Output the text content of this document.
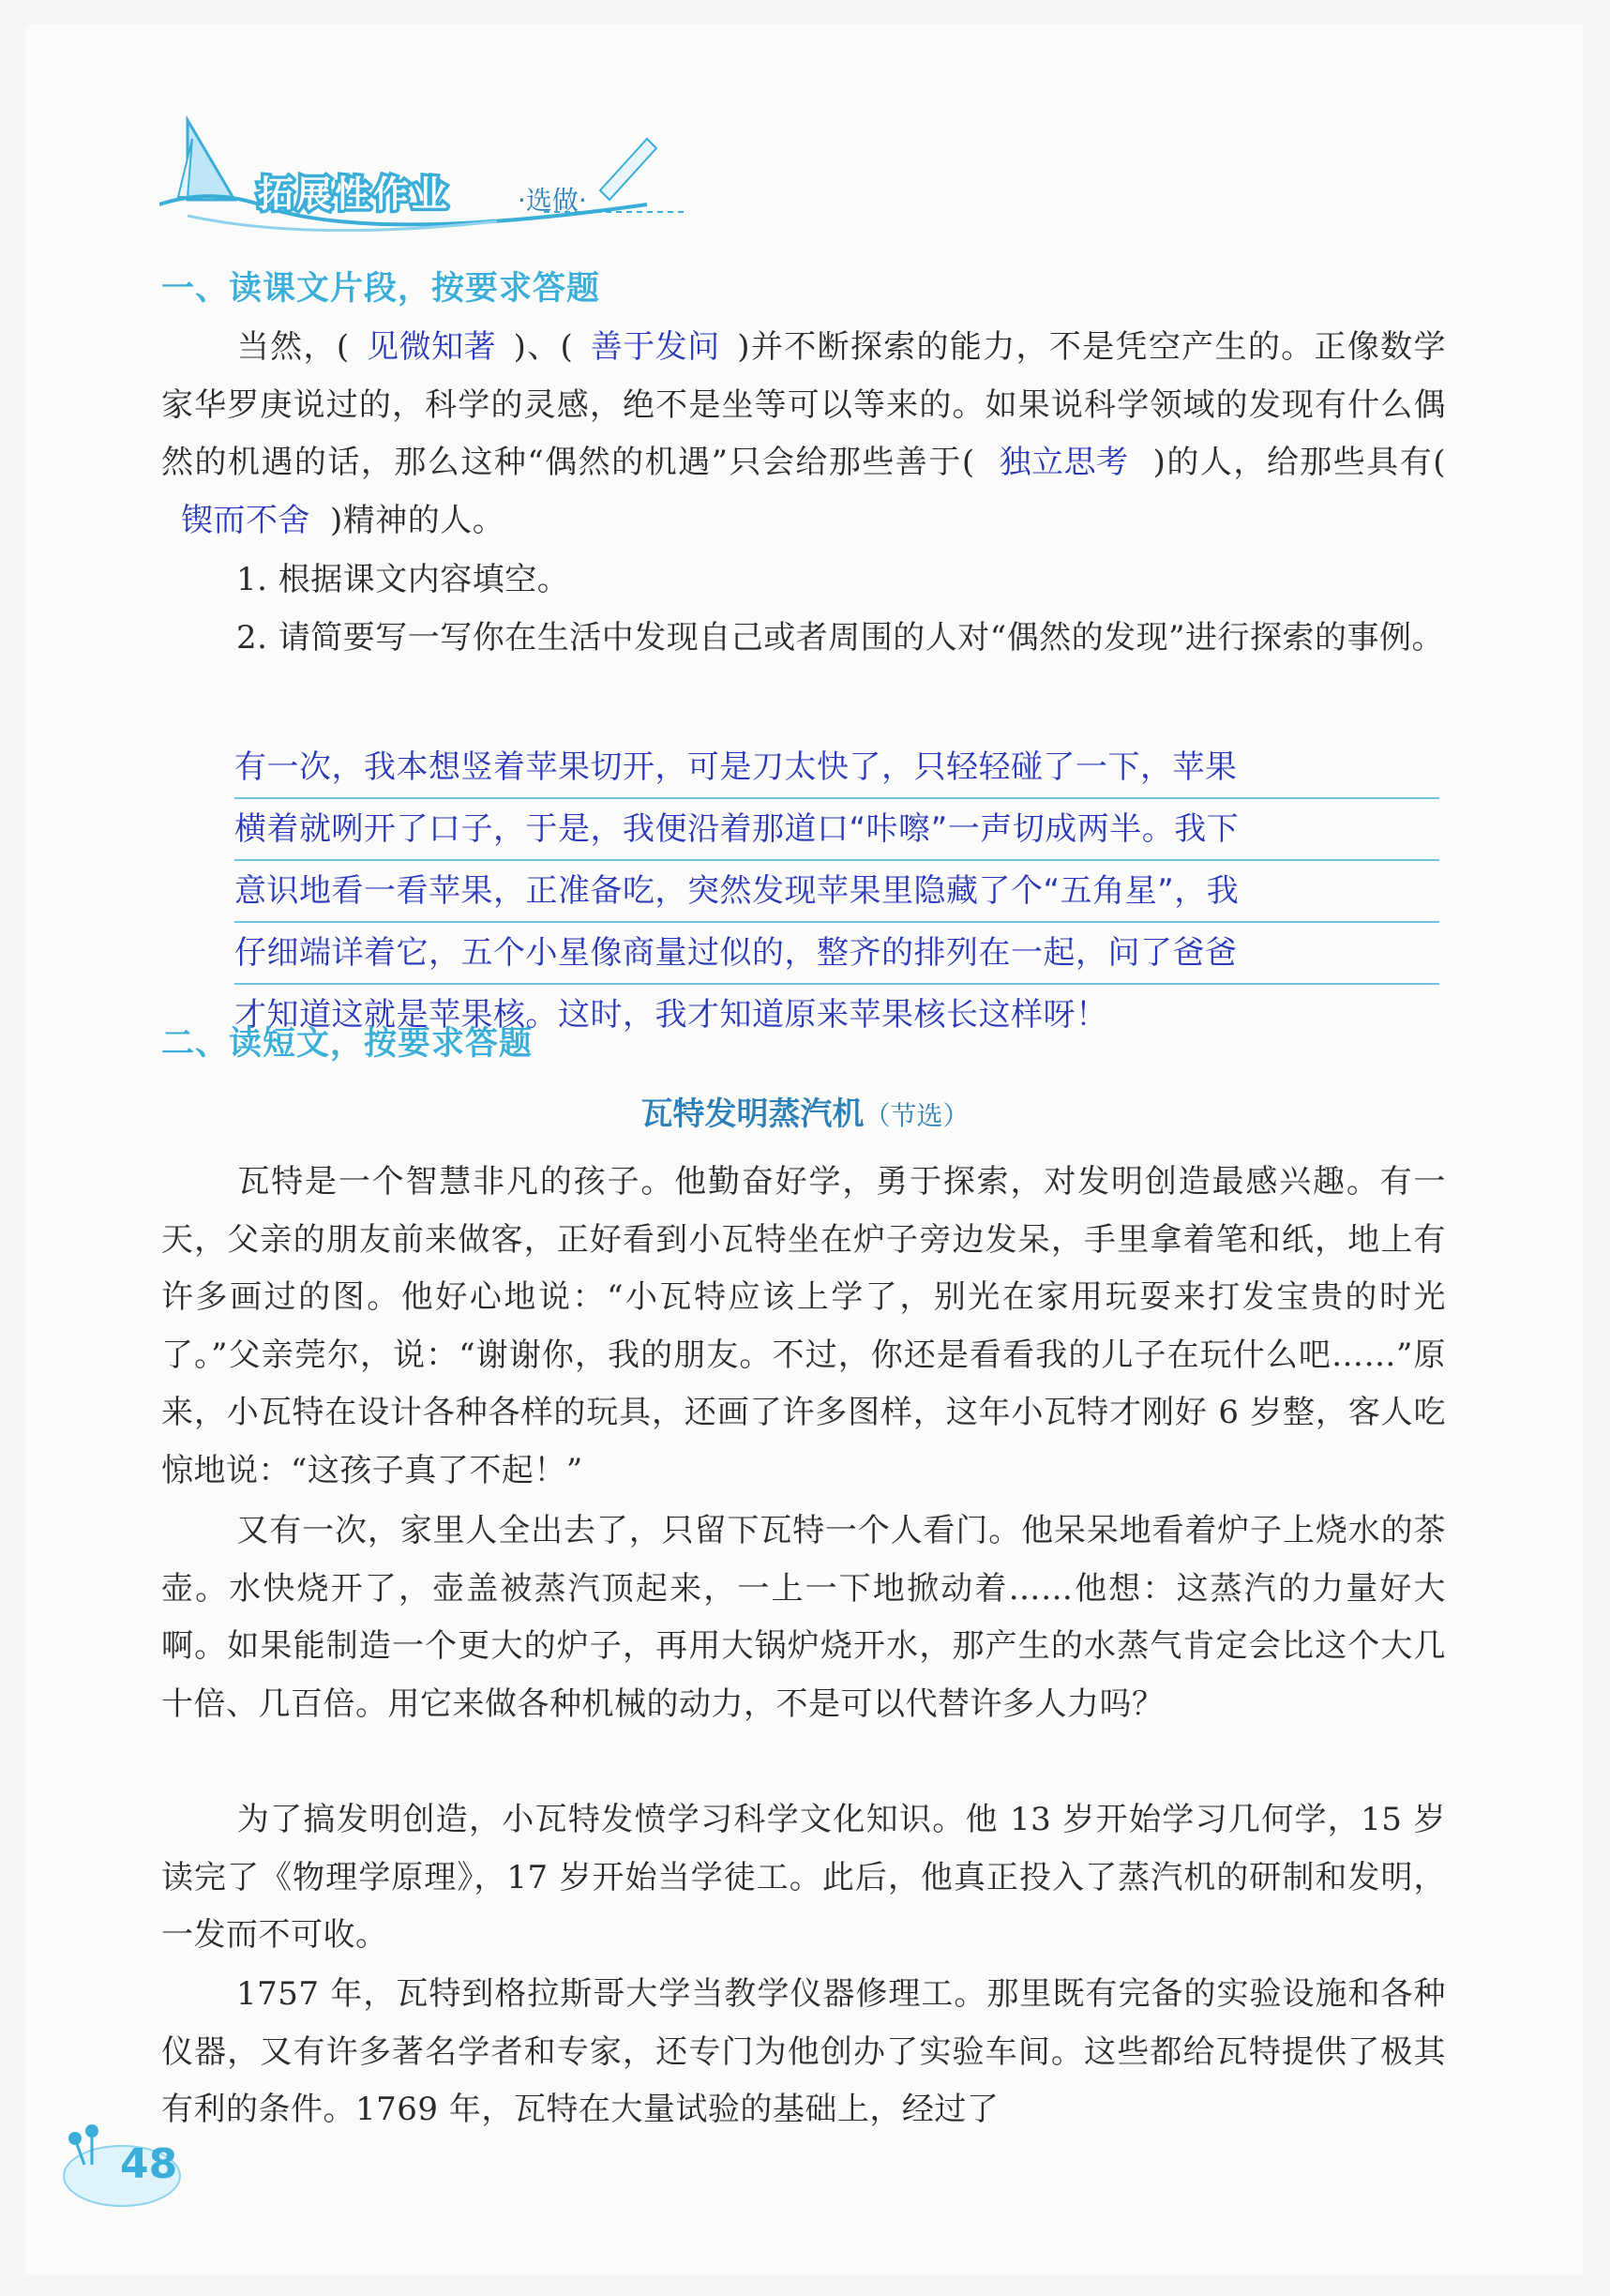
拓展性作业	·选做·
一、读课文片段，按要求答题
当然，( 见微知著 )、( 善于发问 )并不断探索的能力，不是凭空产生的。正像数学家华罗庚说过的，科学的灵感，绝不是坐等可以等来的。如果说科学领域的发现有什么偶然的机遇的话，那么这种“偶然的机遇”只会给那些善于( 独立思考 )的人，给那些具有(锲而不舍 )精神的人。
1. 根据课文内容填空。
2. 请简要写一写你在生活中发现自己或者周围的人对“偶然的发现”进行探索的事例。
有一次，我本想竖着苹果切开，可是刀太快了，只轻轻碰了一下，苹果
横着就咧开了口子，于是，我便沿着那道口“咔嚓”一声切成两半。我下
意识地看一看苹果，正准备吃，突然发现苹果里隐藏了个“五角星”，我
仔细端详着它，五个小星像商量过似的，整齐的排列在一起，问了爸爸
才知道这就是苹果核。这时，我才知道原来苹果核长这样呀！
二、读短文，按要求答题
瓦特发明蒸汽机（节选）
瓦特是一个智慧非凡的孩子。他勤奋好学，勇于探索，对发明创造最感兴趣。有一天，父亲的朋友前来做客，正好看到小瓦特坐在炉子旁边发呆，手里拿着笔和纸，地上有许多画过的图。他好心地说：“小瓦特应该上学了，别光在家用玩耍来打发宝贵的时光了。”父亲莞尔，说：“谢谢你，我的朋友。不过，你还是看看我的儿子在玩什么吧……”原来，小瓦特在设计各种各样的玩具，还画了许多图样，这年小瓦特才刚好 6 岁整，客人吃惊地说：“这孩子真了不起！”
又有一次，家里人全出去了，只留下瓦特一个人看门。他呆呆地看着炉子上烧水的茶壶。水快烧开了，壶盖被蒸汽顶起来，一上一下地掀动着……他想：这蒸汽的力量好大啊。如果能制造一个更大的炉子，再用大锅炉烧开水，那产生的水蒸气肯定会比这个大几十倍、几百倍。用它来做各种机械的动力，不是可以代替许多人力吗？
为了搞发明创造，小瓦特发愤学习科学文化知识。他 13 岁开始学习几何学，15 岁读完了《物理学原理》，17 岁开始当学徒工。此后，他真正投入了蒸汽机的研制和发明，一发而不可收。
1757 年，瓦特到格拉斯哥大学当教学仪器修理工。那里既有完备的实验设施和各种仪器，又有许多著名学者和专家，还专门为他创办了实验车间。这些都给瓦特提供了极其有利的条件。1769 年，瓦特在大量试验的基础上，经过了
48
